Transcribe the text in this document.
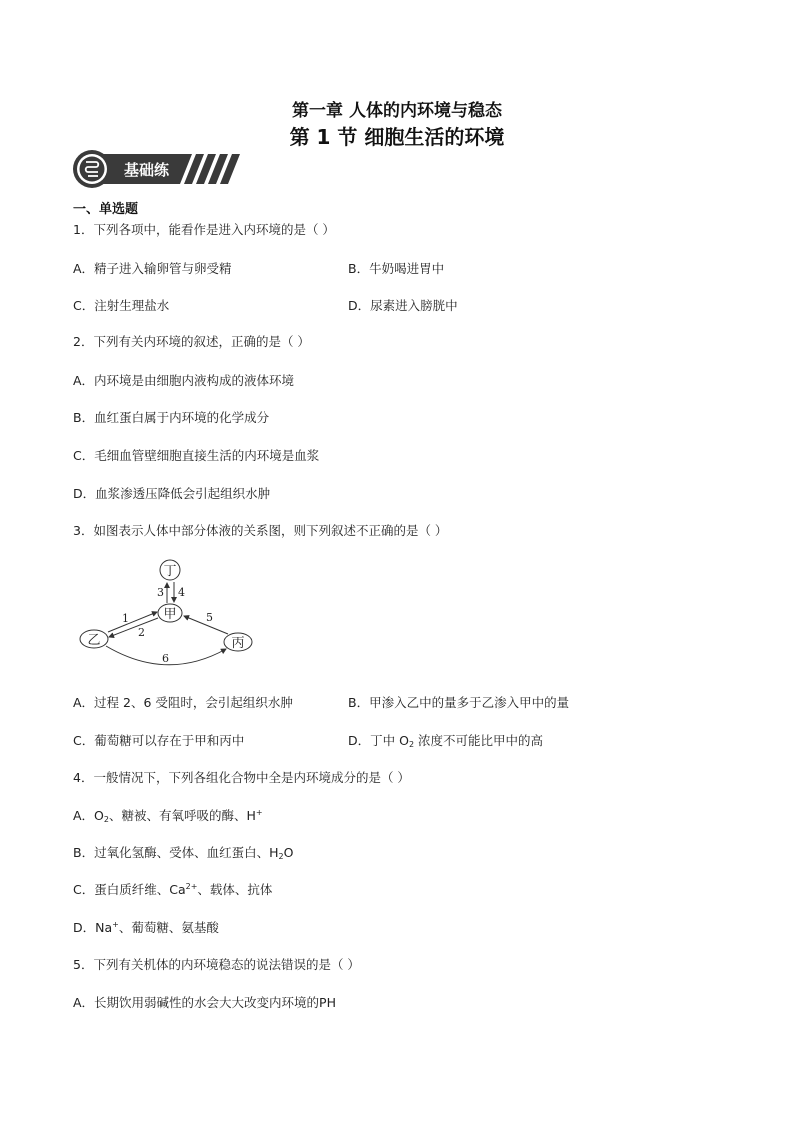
第一章 人体的内环境与稳态
第 1 节 细胞生活的环境
基础练
一、单选题
1．下列各项中，能看作是进入内环境的是（ ）
A．精子进入输卵管与卵受精	B．牛奶喝进胃中
C．注射生理盐水	D．尿素进入膀胱中
2．下列有关内环境的叙述，正确的是（ ）
A．内环境是由细胞内液构成的液体环境
B．血红蛋白属于内环境的化学成分
C．毛细血管壁细胞直接生活的内环境是血浆
D．血浆渗透压降低会引起组织水肿
3．如图表示人体中部分体液的关系图，则下列叙述不正确的是（ ）
丁
甲
乙	丙
3 4
1
2
5
6
A．过程 2、6 受阻时，会引起组织水肿	B．甲渗入乙中的量多于乙渗入甲中的量
C．葡萄糖可以存在于甲和丙中	D．丁中 $O_2$ 浓度不可能比甲中的高
4．一般情况下，下列各组化合物中全是内环境成分的是（ ）
A．$O_2$、糖被、有氧呼吸的酶、H+
B．过氧化氢酶、受体、血红蛋白、$H_2O$
C．蛋白质纤维、$Ca^{2+}$、载体、抗体
D．Na+、葡萄糖、氨基酸
5．下列有关机体的内环境稳态的说法错误的是（ ）
A．长期饮用弱碱性的水会大大改变内环境的PH
